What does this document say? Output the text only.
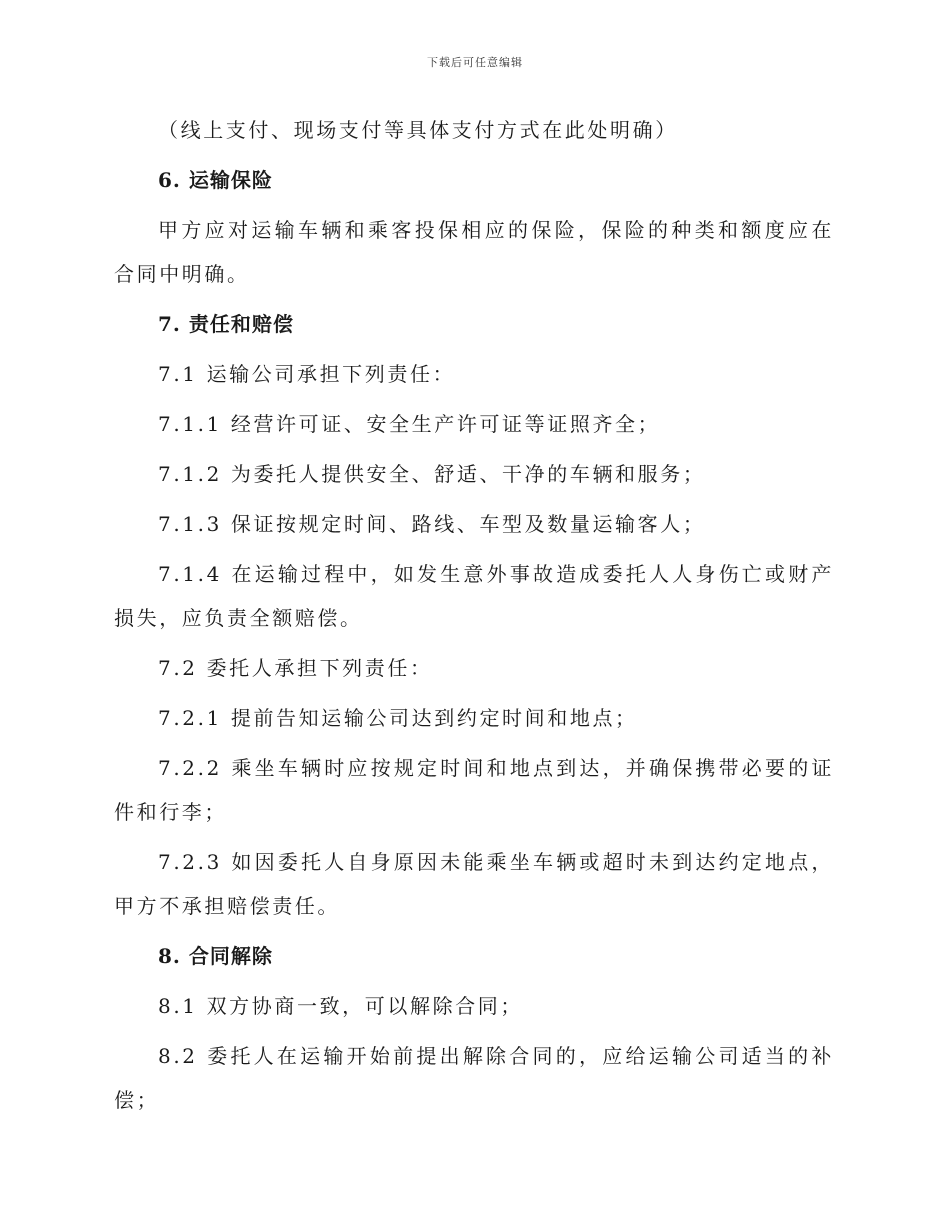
下载后可任意编辑

（线上支付、现场支付等具体支付方式在此处明确）

6. 运输保险

甲方应对运输车辆和乘客投保相应的保险，保险的种类和额度应在合同中明确。

7. 责任和赔偿

7.1 运输公司承担下列责任：

7.1.1 经营许可证、安全生产许可证等证照齐全；

7.1.2 为委托人提供安全、舒适、干净的车辆和服务；

7.1.3 保证按规定时间、路线、车型及数量运输客人；

7.1.4 在运输过程中，如发生意外事故造成委托人人身伤亡或财产损失，应负责全额赔偿。

7.2 委托人承担下列责任：

7.2.1 提前告知运输公司达到约定时间和地点；

7.2.2 乘坐车辆时应按规定时间和地点到达，并确保携带必要的证件和行李；

7.2.3 如因委托人自身原因未能乘坐车辆或超时未到达约定地点，甲方不承担赔偿责任。

8. 合同解除

8.1 双方协商一致，可以解除合同；

8.2 委托人在运输开始前提出解除合同的，应给运输公司适当的补偿；
